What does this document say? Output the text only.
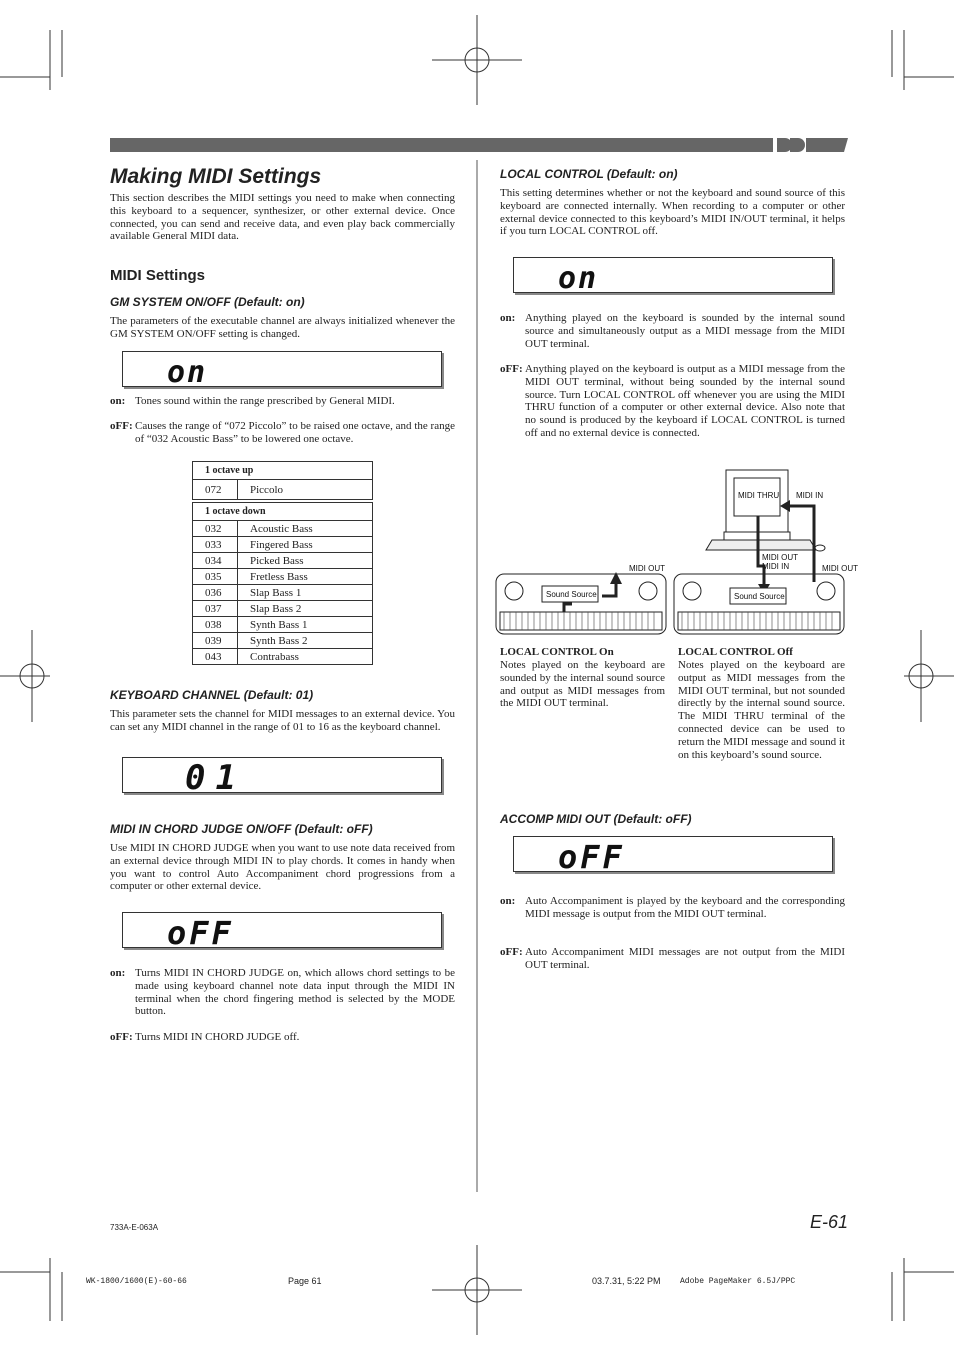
Making MIDI Settings
This section describes the MIDI settings you need to make when connecting this keyboard to a sequencer, synthesizer, or other external device. Once connected, you can send and receive data, and even play back commercially available General MIDI data.
MIDI Settings
GM SYSTEM ON/OFF (Default: on)
The parameters of the executable channel are always initialized whenever the GM SYSTEM ON/OFF setting is changed.
on
on: Tones sound within the range prescribed by General MIDI.
oFF: Causes the range of “072 Piccolo” to be raised one octave, and the range of “032 Acoustic Bass” to be lowered one octave.
1 octave up
072	Piccolo
1 octave down	
032	Acoustic Bass
033	Fingered Bass
034	Picked Bass
035	Fretless Bass
036	Slap Bass 1
037	Slap Bass 2
038	Synth Bass 1
039	Synth Bass 2
043	Contrabass
KEYBOARD CHANNEL (Default: 01)
This parameter sets the channel for MIDI messages to an external device. You can set any MIDI channel in the range of 01 to 16 as the keyboard channel.
01
MIDI IN CHORD JUDGE ON/OFF (Default: oFF)
Use MIDI IN CHORD JUDGE when you want to use note data received from an external device through MIDI IN to play chords. It comes in handy when you want to control Auto Accompaniment chord progressions from a computer or other external device.
oFF
on: Turns MIDI IN CHORD JUDGE on, which allows chord settings to be made using keyboard channel note data input through the MIDI IN terminal when the chord fingering method is selected by the MODE button.
oFF: Turns MIDI IN CHORD JUDGE off.
LOCAL CONTROL (Default: on)
This setting determines whether or not the keyboard and sound source of this keyboard are connected internally. When recording to a computer or other external device connected to this keyboard’s MIDI IN/OUT terminal, it helps if you turn LOCAL CONTROL off.
on
on: Anything played on the keyboard is sounded by the internal sound source and simultaneously output as a MIDI message from the MIDI OUT terminal.
oFF: Anything played on the keyboard is output as a MIDI message from the MIDI OUT terminal, without being sounded by the internal sound source. Turn LOCAL CONTROL off whenever you are using the MIDI THRU function of a computer or other external device. Also note that no sound is produced by the keyboard if LOCAL CONTROL is turned off and no external device is connected.
Sound Source	Sound Source
MIDI THRU MIDI IN
MIDI OUT
MIDI OUT
MIDI IN	MIDI OUT
LOCAL CONTROL On
Notes played on the keyboard are sounded by the internal sound source and output as MIDI messages from the MIDI OUT terminal.
LOCAL CONTROL Off
Notes played on the keyboard are output as MIDI messages from the MIDI OUT terminal, but not sounded directly by the internal sound source. The MIDI THRU terminal of the connected device can be used to return the MIDI message and sound it on this keyboard’s sound source.
ACCOMP MIDI OUT (Default: oFF)
oFF
on: Auto Accompaniment is played by the keyboard and the corresponding MIDI message is output from the MIDI OUT terminal.
oFF: Auto Accompaniment MIDI messages are not output from the MIDI OUT terminal.
733A-E-063A	E-61
WK-1800/1600(E)-60-66	Page 61	03.7.31, 5:22 PM Adobe PageMaker 6.5J/PPC
